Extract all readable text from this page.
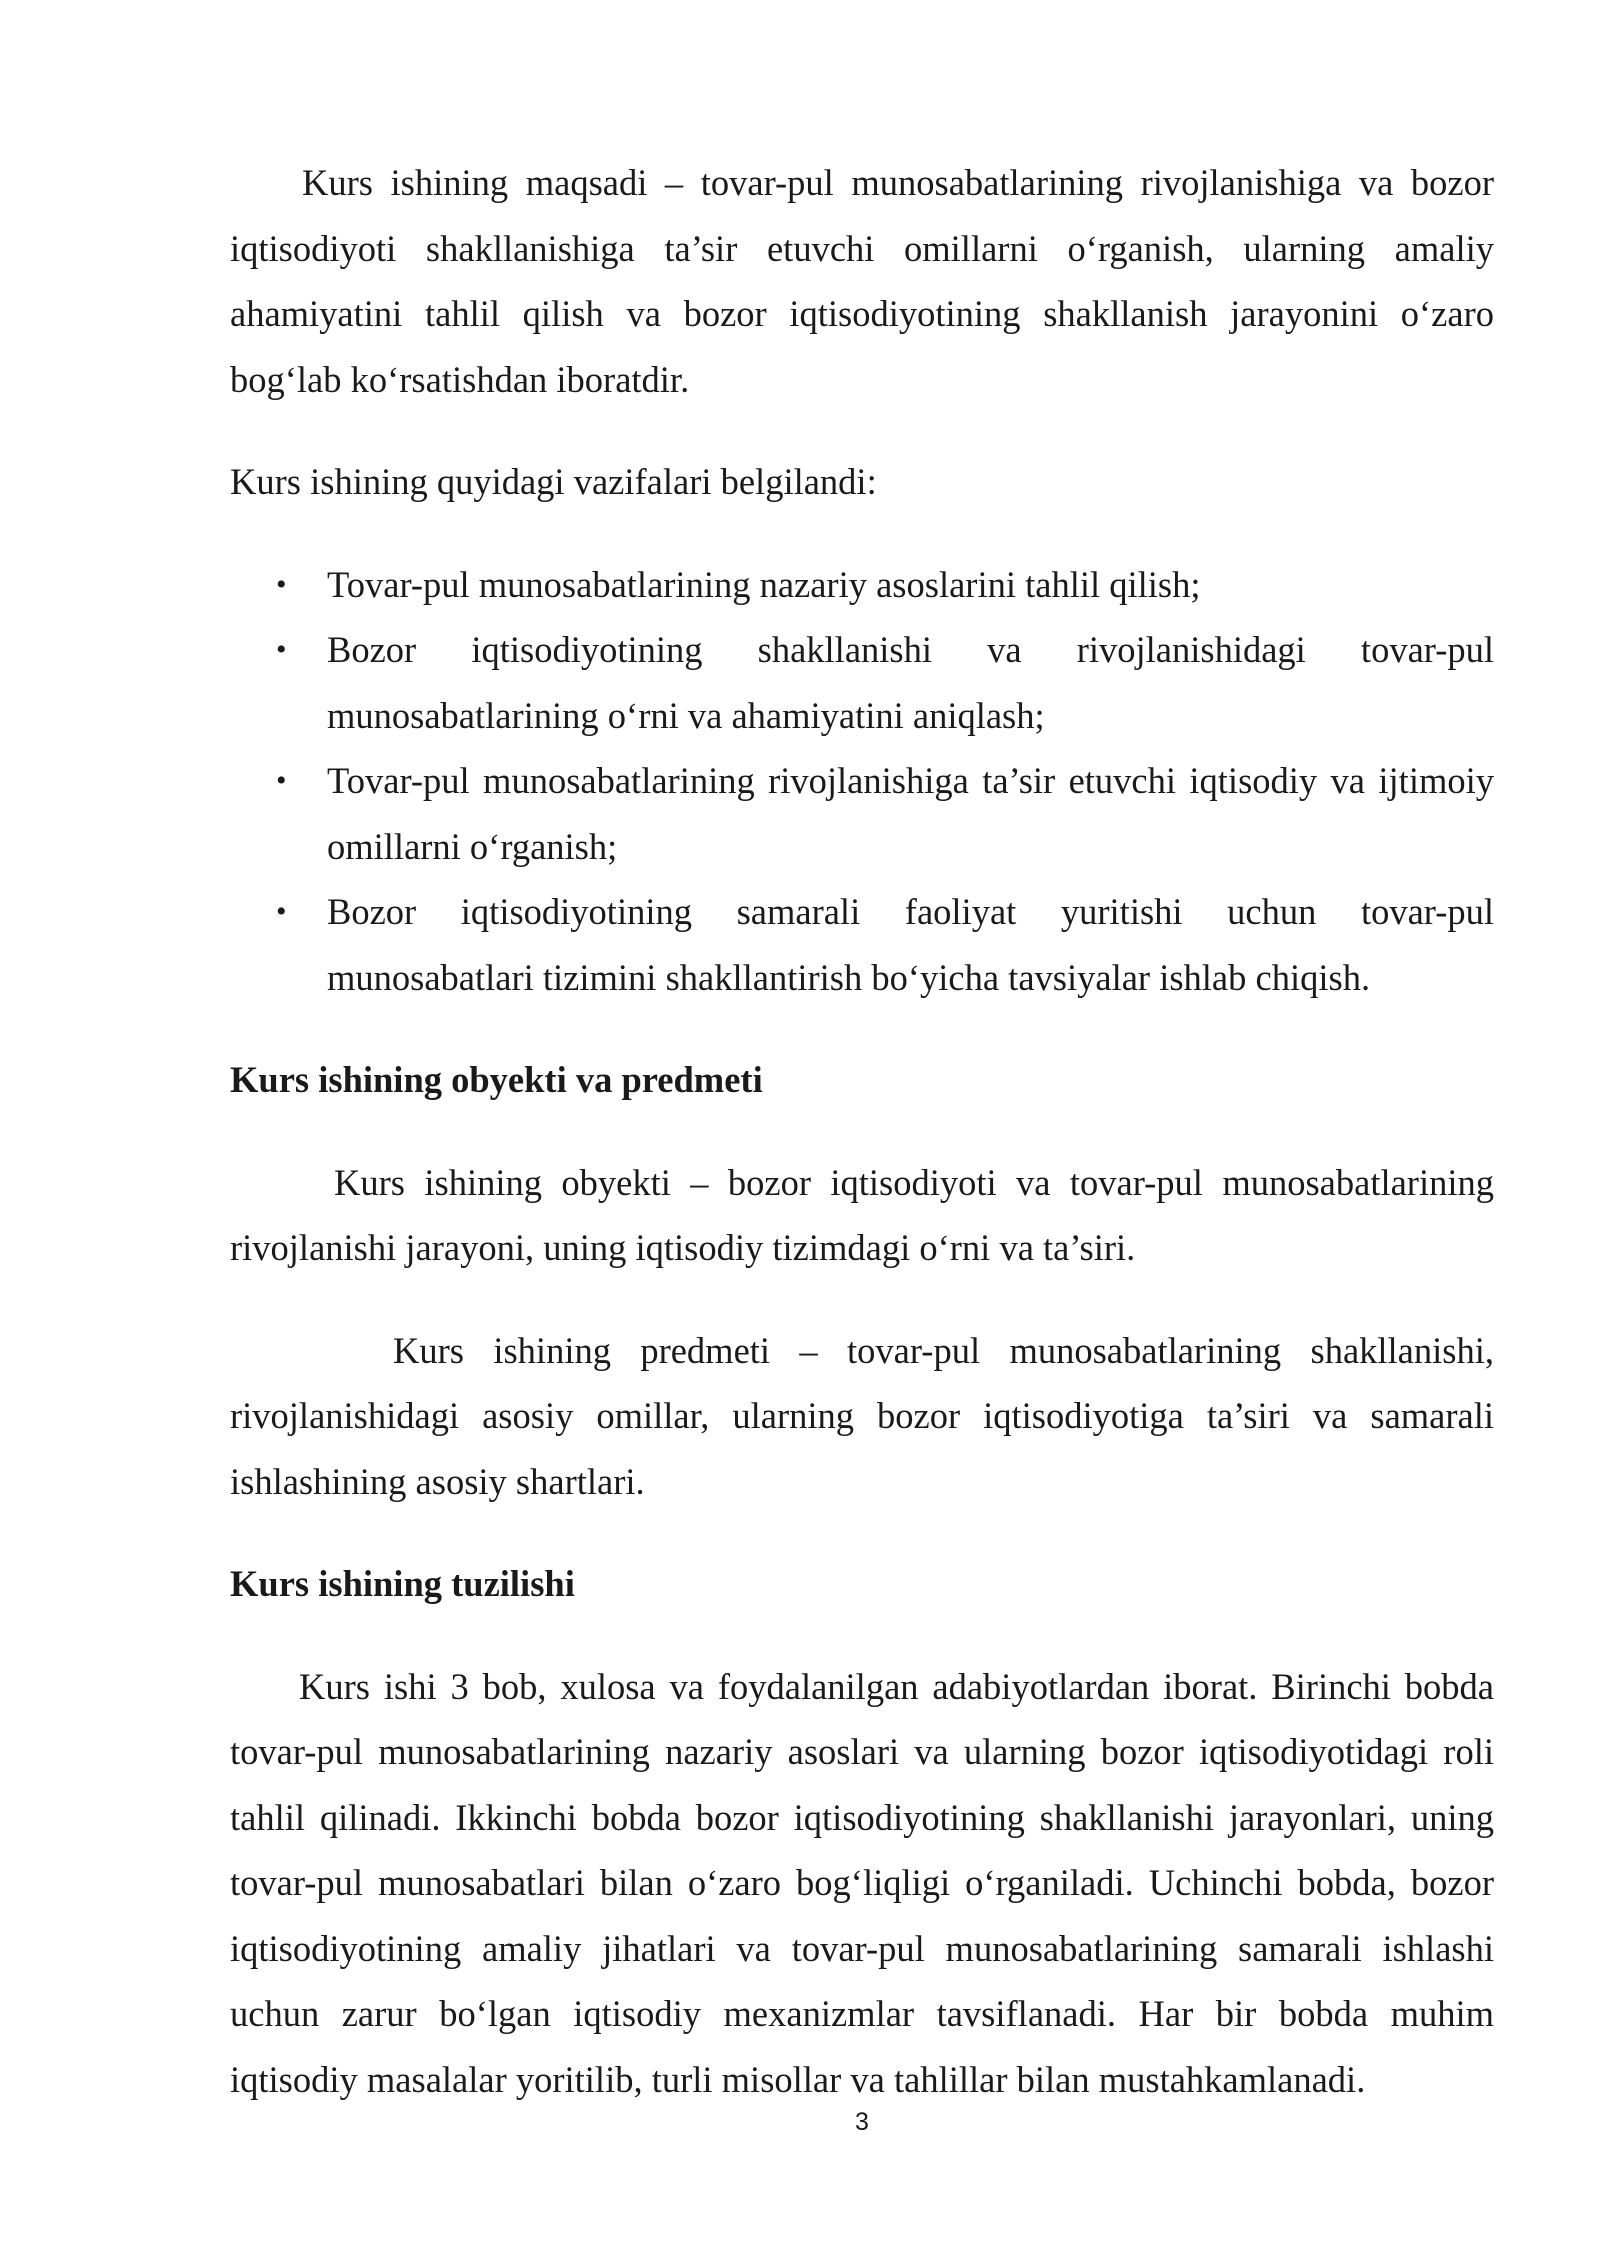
Kurs ishining maqsadi – tovar-pul munosabatlarining rivojlanishiga va bozor iqtisodiyoti shakllanishiga ta’sir etuvchi omillarni o‘rganish, ularning amaliy ahamiyatini tahlil qilish va bozor iqtisodiyotining shakllanish jarayonini o‘zaro bog‘lab ko‘rsatishdan iboratdir.

Kurs ishining quyidagi vazifalari belgilandi:

• Tovar-pul munosabatlarining nazariy asoslarini tahlil qilish;
• Bozor iqtisodiyotining shakllanishi va rivojlanishidagi tovar-pul munosabatlarining o‘rni va ahamiyatini aniqlash;
• Tovar-pul munosabatlarining rivojlanishiga ta’sir etuvchi iqtisodiy va ijtimoiy omillarni o‘rganish;
• Bozor iqtisodiyotining samarali faoliyat yuritishi uchun tovar-pul munosabatlari tizimini shakllantirish bo‘yicha tavsiyalar ishlab chiqish.
Kurs ishining obyekti va predmeti

Kurs ishining obyekti – bozor iqtisodiyoti va tovar-pul munosabatlarining rivojlanishi jarayoni, uning iqtisodiy tizimdagi o‘rni va ta’siri.

Kurs ishining predmeti – tovar-pul munosabatlarining shakllanishi, rivojlanishidagi asosiy omillar, ularning bozor iqtisodiyotiga ta’siri va samarali ishlashining asosiy shartlari.

Kurs ishining tuzilishi

Kurs ishi 3 bob, xulosa va foydalanilgan adabiyotlardan iborat. Birinchi bobda tovar-pul munosabatlarining nazariy asoslari va ularning bozor iqtisodiyotidagi roli tahlil qilinadi. Ikkinchi bobda bozor iqtisodiyotining shakllanishi jarayonlari, uning tovar-pul munosabatlari bilan o‘zaro bog‘liqligi o‘rganiladi. Uchinchi bobda, bozor iqtisodiyotining amaliy jihatlari va tovar-pul munosabatlarining samarali ishlashi uchun zarur bo‘lgan iqtisodiy mexanizmlar tavsiflanadi. Har bir bobda muhim iqtisodiy masalalar yoritilib, turli misollar va tahlillar bilan mustahkamlanadi.

3
